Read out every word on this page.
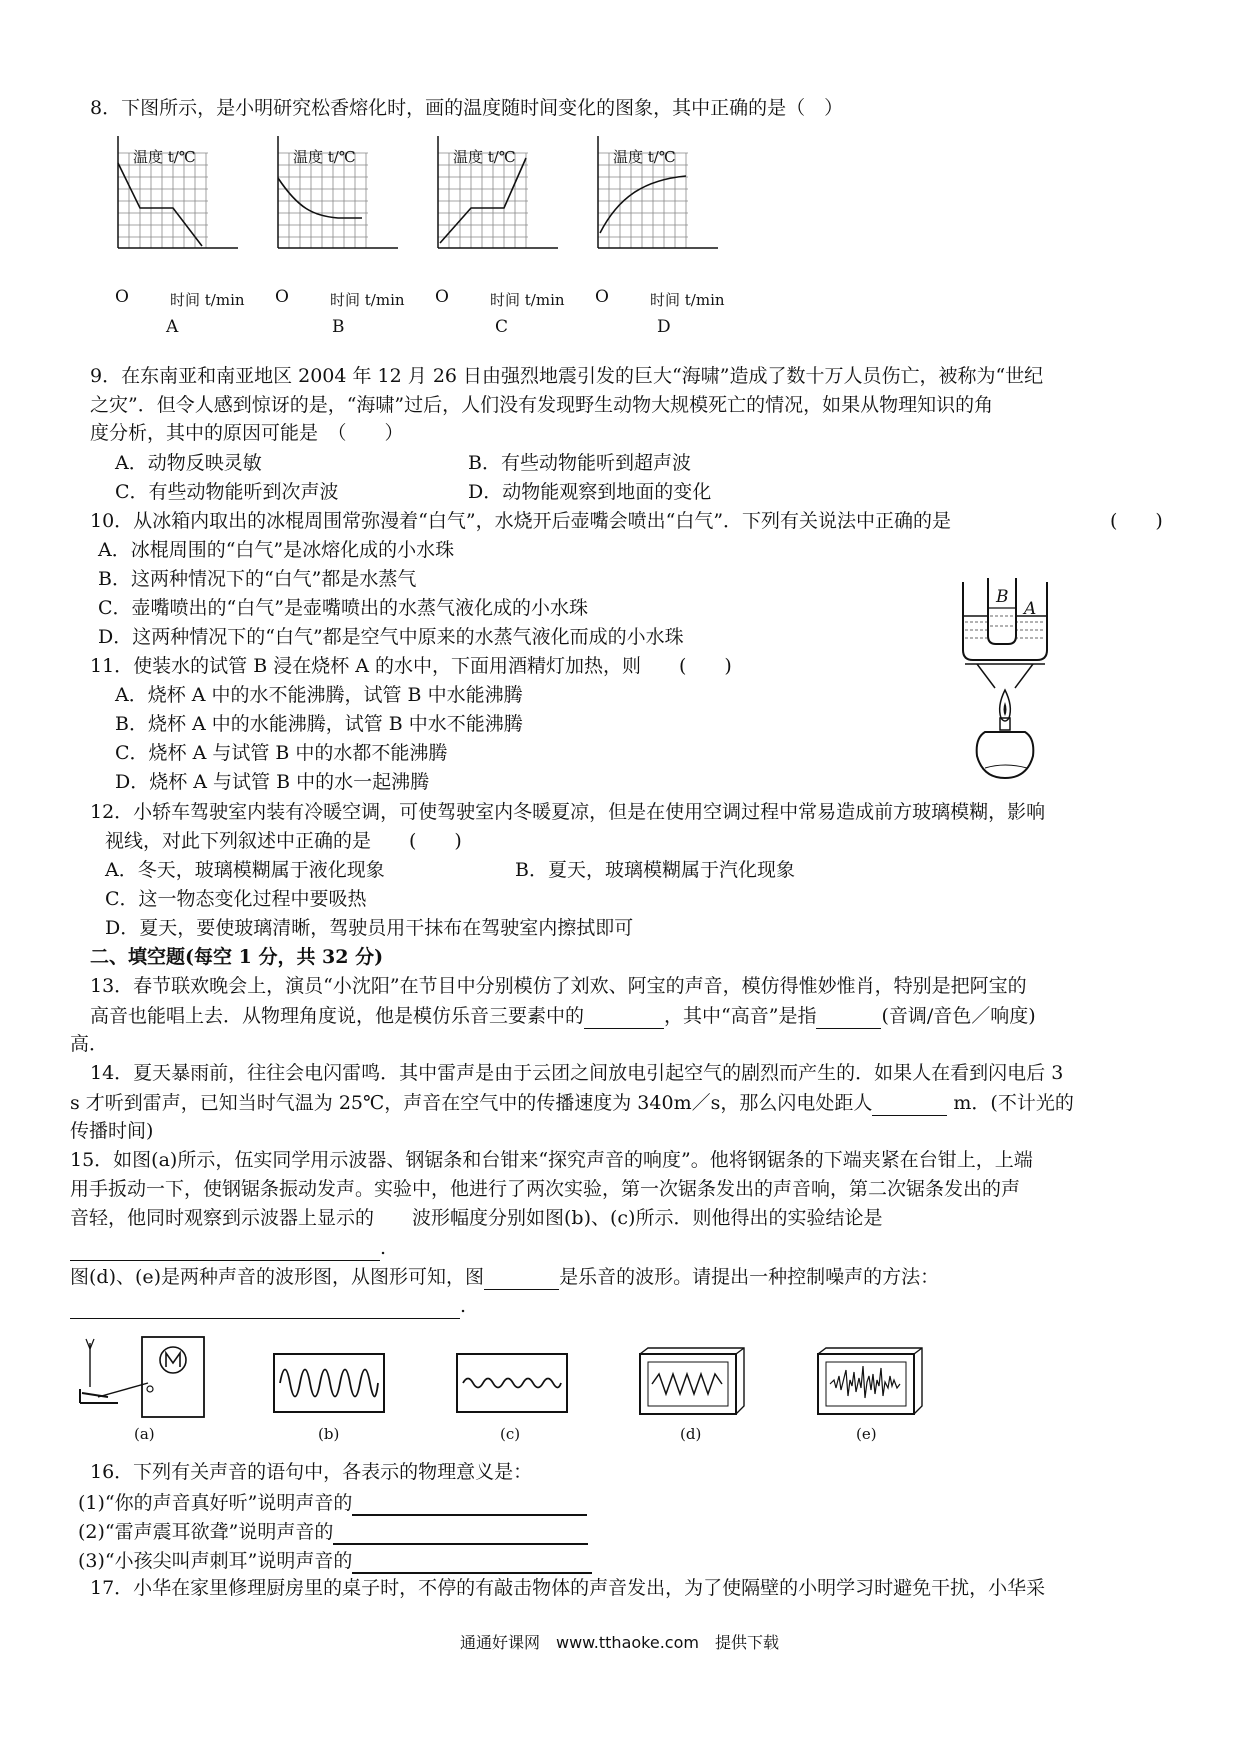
8．下图所示，是小明研究松香熔化时，画的温度随时间变化的图象，其中正确的是（　）
温度 t/℃	温度 t/℃	温度 t/℃	温度 t/℃
O	O	O	O
时间 t/min	时间 t/min	时间 t/min	时间 t/min
A	B	C	D
9．在东南亚和南亚地区 2004 年 12 月 26 日由强烈地震引发的巨大“海啸”造成了数十万人员伤亡，被称为“世纪
之灾”．但令人感到惊讶的是，“海啸”过后，人们没有发现野生动物大规模死亡的情况，如果从物理知识的角
度分析，其中的原因可能是　（　　）
A．动物反映灵敏	B．有些动物能听到超声波
C．有些动物能听到次声波	D．动物能观察到地面的变化
10．从冰箱内取出的冰棍周围常弥漫着“白气”，水烧开后壶嘴会喷出“白气”．下列有关说法中正确的是	(　　)
A．冰棍周围的“白气”是冰熔化成的小水珠
B．这两种情况下的“白气”都是水蒸气
C．壶嘴喷出的“白气”是壶嘴喷出的水蒸气液化成的小水珠
D．这两种情况下的“白气”都是空气中原来的水蒸气液化而成的小水珠
B
A
11．使装水的试管 B 浸在烧杯 A 的水中，下面用酒精灯加热，则　　(　　)
A．烧杯 A 中的水不能沸腾，试管 B 中水能沸腾
B．烧杯 A 中的水能沸腾，试管 B 中水不能沸腾
C．烧杯 A 与试管 B 中的水都不能沸腾
D．烧杯 A 与试管 B 中的水一起沸腾
12．小轿车驾驶室内装有冷暖空调，可使驾驶室内冬暖夏凉，但是在使用空调过程中常易造成前方玻璃模糊，影响
视线，对此下列叙述中正确的是　　(　　)
A．冬天，玻璃模糊属于液化现象	B．夏天，玻璃模糊属于汽化现象
C．这一物态变化过程中要吸热
D．夏天，要使玻璃清晰，驾驶员用干抹布在驾驶室内擦拭即可
二、填空题(每空 1 分，共 32 分)
13．春节联欢晚会上，演员“小沈阳”在节目中分别模仿了刘欢、阿宝的声音，模仿得惟妙惟肖，特别是把阿宝的
高音也能唱上去．从物理角度说，他是模仿乐音三要素中的	，其中“高音”是指	(音调/音色／响度)
高．
14．夏天暴雨前，往往会电闪雷鸣．其中雷声是由于云团之间放电引起空气的剧烈而产生的．如果人在看到闪电后 3
s 才听到雷声，已知当时气温为 25℃，声音在空气中的传播速度为 340m／s，那么闪电处距人	m．(不计光的
传播时间)
15．如图(a)所示，伍实同学用示波器、钢锯条和台钳来“探究声音的响度”。他将钢锯条的下端夹紧在台钳上，上端
用手扳动一下，使钢锯条振动发声。实验中，他进行了两次实验，第一次锯条发出的声音响，第二次锯条发出的声
音轻，他同时观察到示波器上显示的　　波形幅度分别如图(b)、(c)所示．则他得出的实验结论是
.
图(d)、(e)是两种声音的波形图，从图形可知，图	是乐音的波形。请提出一种控制噪声的方法：
.
(a)	(b)	(c)	(d)	(e)
16．下列有关声音的语句中，各表示的物理意义是：
(1)“你的声音真好听”说明声音的
(2)“雷声震耳欲聋”说明声音的
(3)“小孩尖叫声刺耳”说明声音的
17．小华在家里修理厨房里的桌子时，不停的有敲击物体的声音发出，为了使隔壁的小明学习时避免干扰，小华采
通通好课网　www.tthaoke.com　提供下载
